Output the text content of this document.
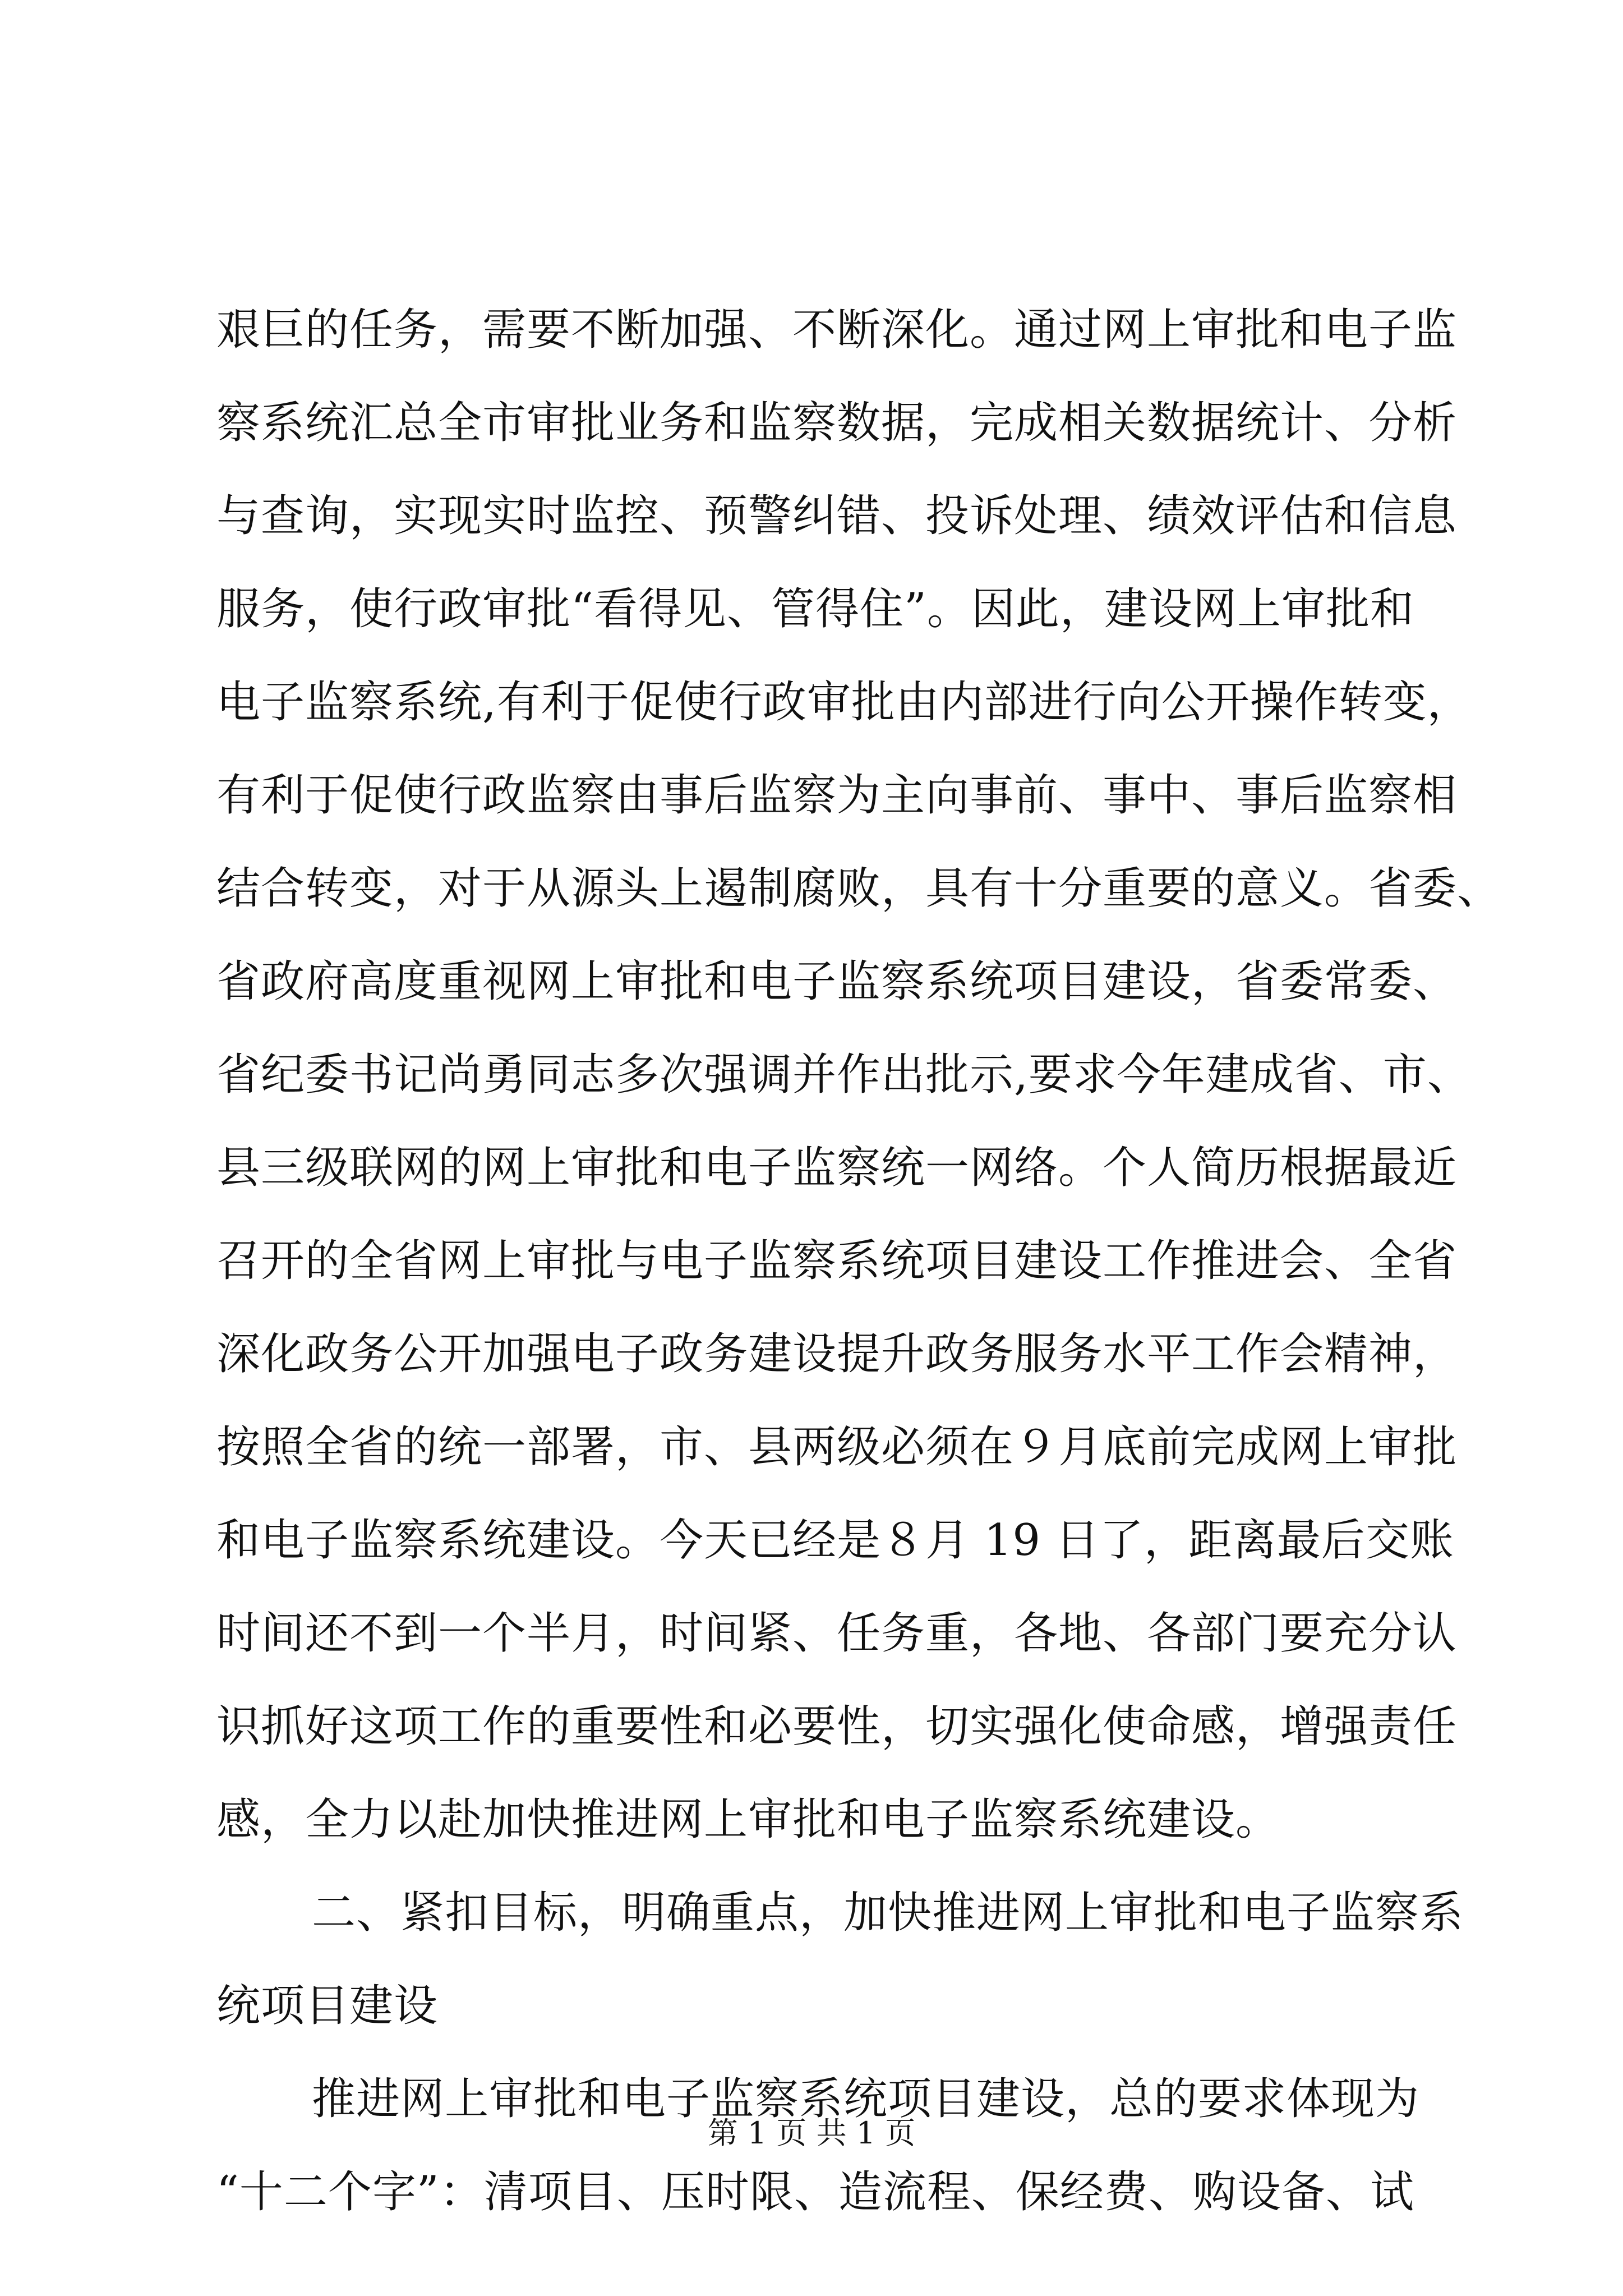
艰巨的任务，需要不断加强、不断深化。通过网上审批和电子监
察系统汇总全市审批业务和监察数据，完成相关数据统计、分析
与查询，实现实时监控、预警纠错、投诉处理、绩效评估和信息
服务，使行政审批“看得见、管得住”。因此，建设网上审批和
电子监察系统,有利于促使行政审批由内部进行向公开操作转变，
有利于促使行政监察由事后监察为主向事前、事中、事后监察相
结合转变，对于从源头上遏制腐败，具有十分重要的意义。省委、
省政府高度重视网上审批和电子监察系统项目建设，省委常委、
省纪委书记尚勇同志多次强调并作出批示,要求今年建成省、市、
县三级联网的网上审批和电子监察统一网络。个人简历根据最近
召开的全省网上审批与电子监察系统项目建设工作推进会、全省
深化政务公开加强电子政务建设提升政务服务水平工作会精神，
按照全省的统一部署，市、县两级必须在９月底前完成网上审批
和电子监察系统建设。今天已经是８月 19 日了，距离最后交账
时间还不到一个半月，时间紧、任务重，各地、各部门要充分认
识抓好这项工作的重要性和必要性，切实强化使命感，增强责任
感，全力以赴加快推进网上审批和电子监察系统建设。
二、紧扣目标，明确重点，加快推进网上审批和电子监察系
统项目建设
推进网上审批和电子监察系统项目建设，总的要求体现为
“十二个字”：清项目、压时限、造流程、保经费、购设备、试
第 1 页 共 1 页
